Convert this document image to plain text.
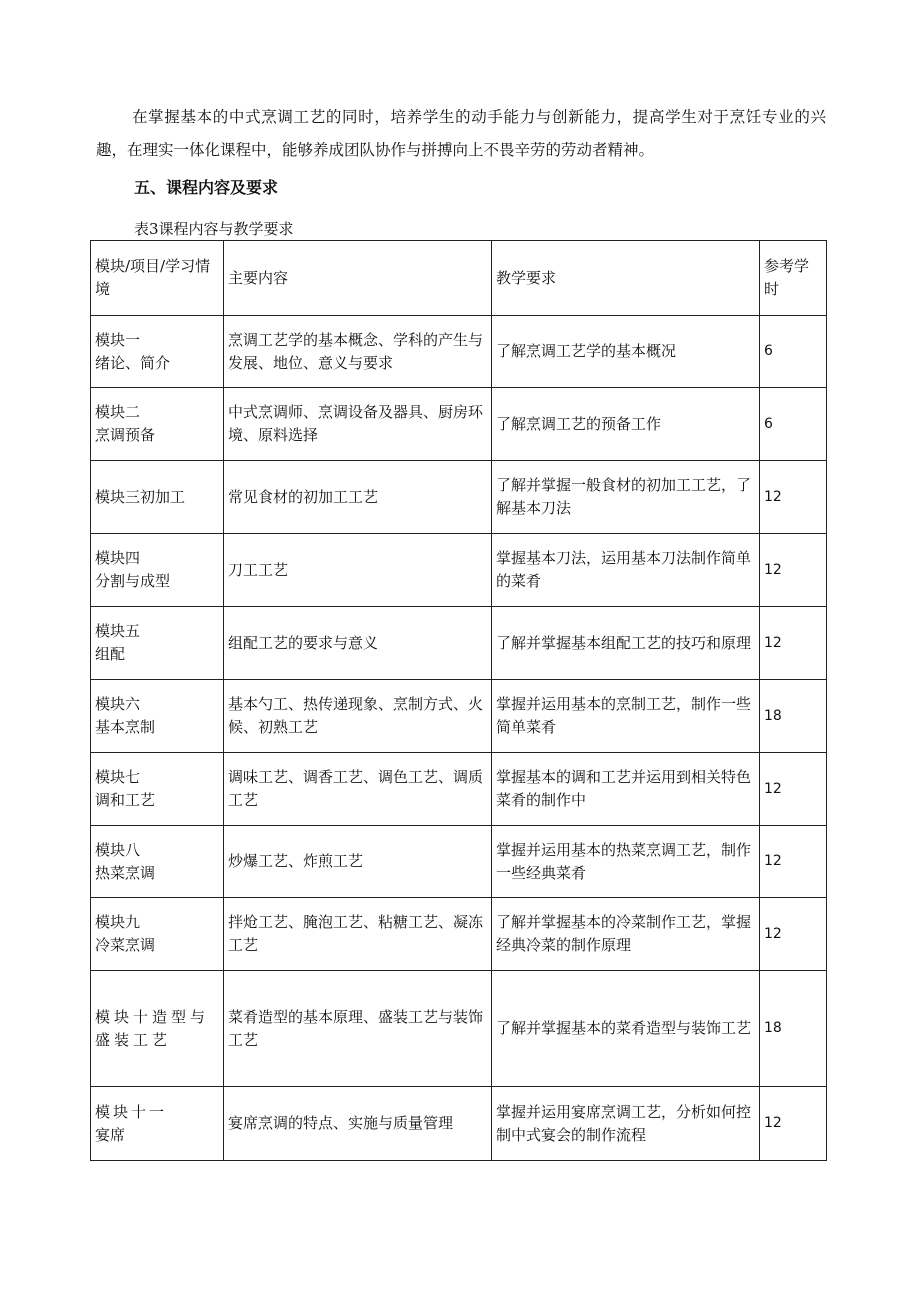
在掌握基本的中式烹调工艺的同时，培养学生的动手能力与创新能力，提高学生对于烹饪专业的兴趣，在理实一体化课程中，能够养成团队协作与拼搏向上不畏辛劳的劳动者精神。

五、课程内容及要求

表3课程内容与教学要求

模块/项目/学习情境	主要内容	教学要求	参考学时

模块一
绪论、简介	烹调工艺学的基本概念、学科的产生与发展、地位、意义与要求	了解烹调工艺学的基本概况	6

模块二
烹调预备	中式烹调师、烹调设备及器具、厨房环境、原料选择	了解烹调工艺的预备工作	6

模块三初加工	常见食材的初加工工艺	了解并掌握一般食材的初加工工艺，了解基本刀法	12

模块四
分割与成型	刀工工艺	掌握基本刀法，运用基本刀法制作简单的菜肴	12

模块五
组配	组配工艺的要求与意义	了解并掌握基本组配工艺的技巧和原理	12

模块六
基本烹制	基本勺工、热传递现象、烹制方式、火候、初熟工艺	掌握并运用基本的烹制工艺，制作一些简单菜肴	18

模块七
调和工艺	调味工艺、调香工艺、调色工艺、调质工艺	掌握基本的调和工艺并运用到相关特色菜肴的制作中	12

模块八
热菜烹调	炒爆工艺、炸煎工艺	掌握并运用基本的热菜烹调工艺，制作一些经典菜肴	12

模块九
冷菜烹调	拌炝工艺、腌泡工艺、粘糖工艺、凝冻工艺	了解并掌握基本的冷菜制作工艺，掌握经典冷菜的制作原理	12

模块十造型与盛装工艺	菜肴造型的基本原理、盛装工艺与装饰工艺	了解并掌握基本的菜肴造型与装饰工艺	18

模块十一
宴席	宴席烹调的特点、实施与质量管理	掌握并运用宴席烹调工艺，分析如何控制中式宴会的制作流程	12
